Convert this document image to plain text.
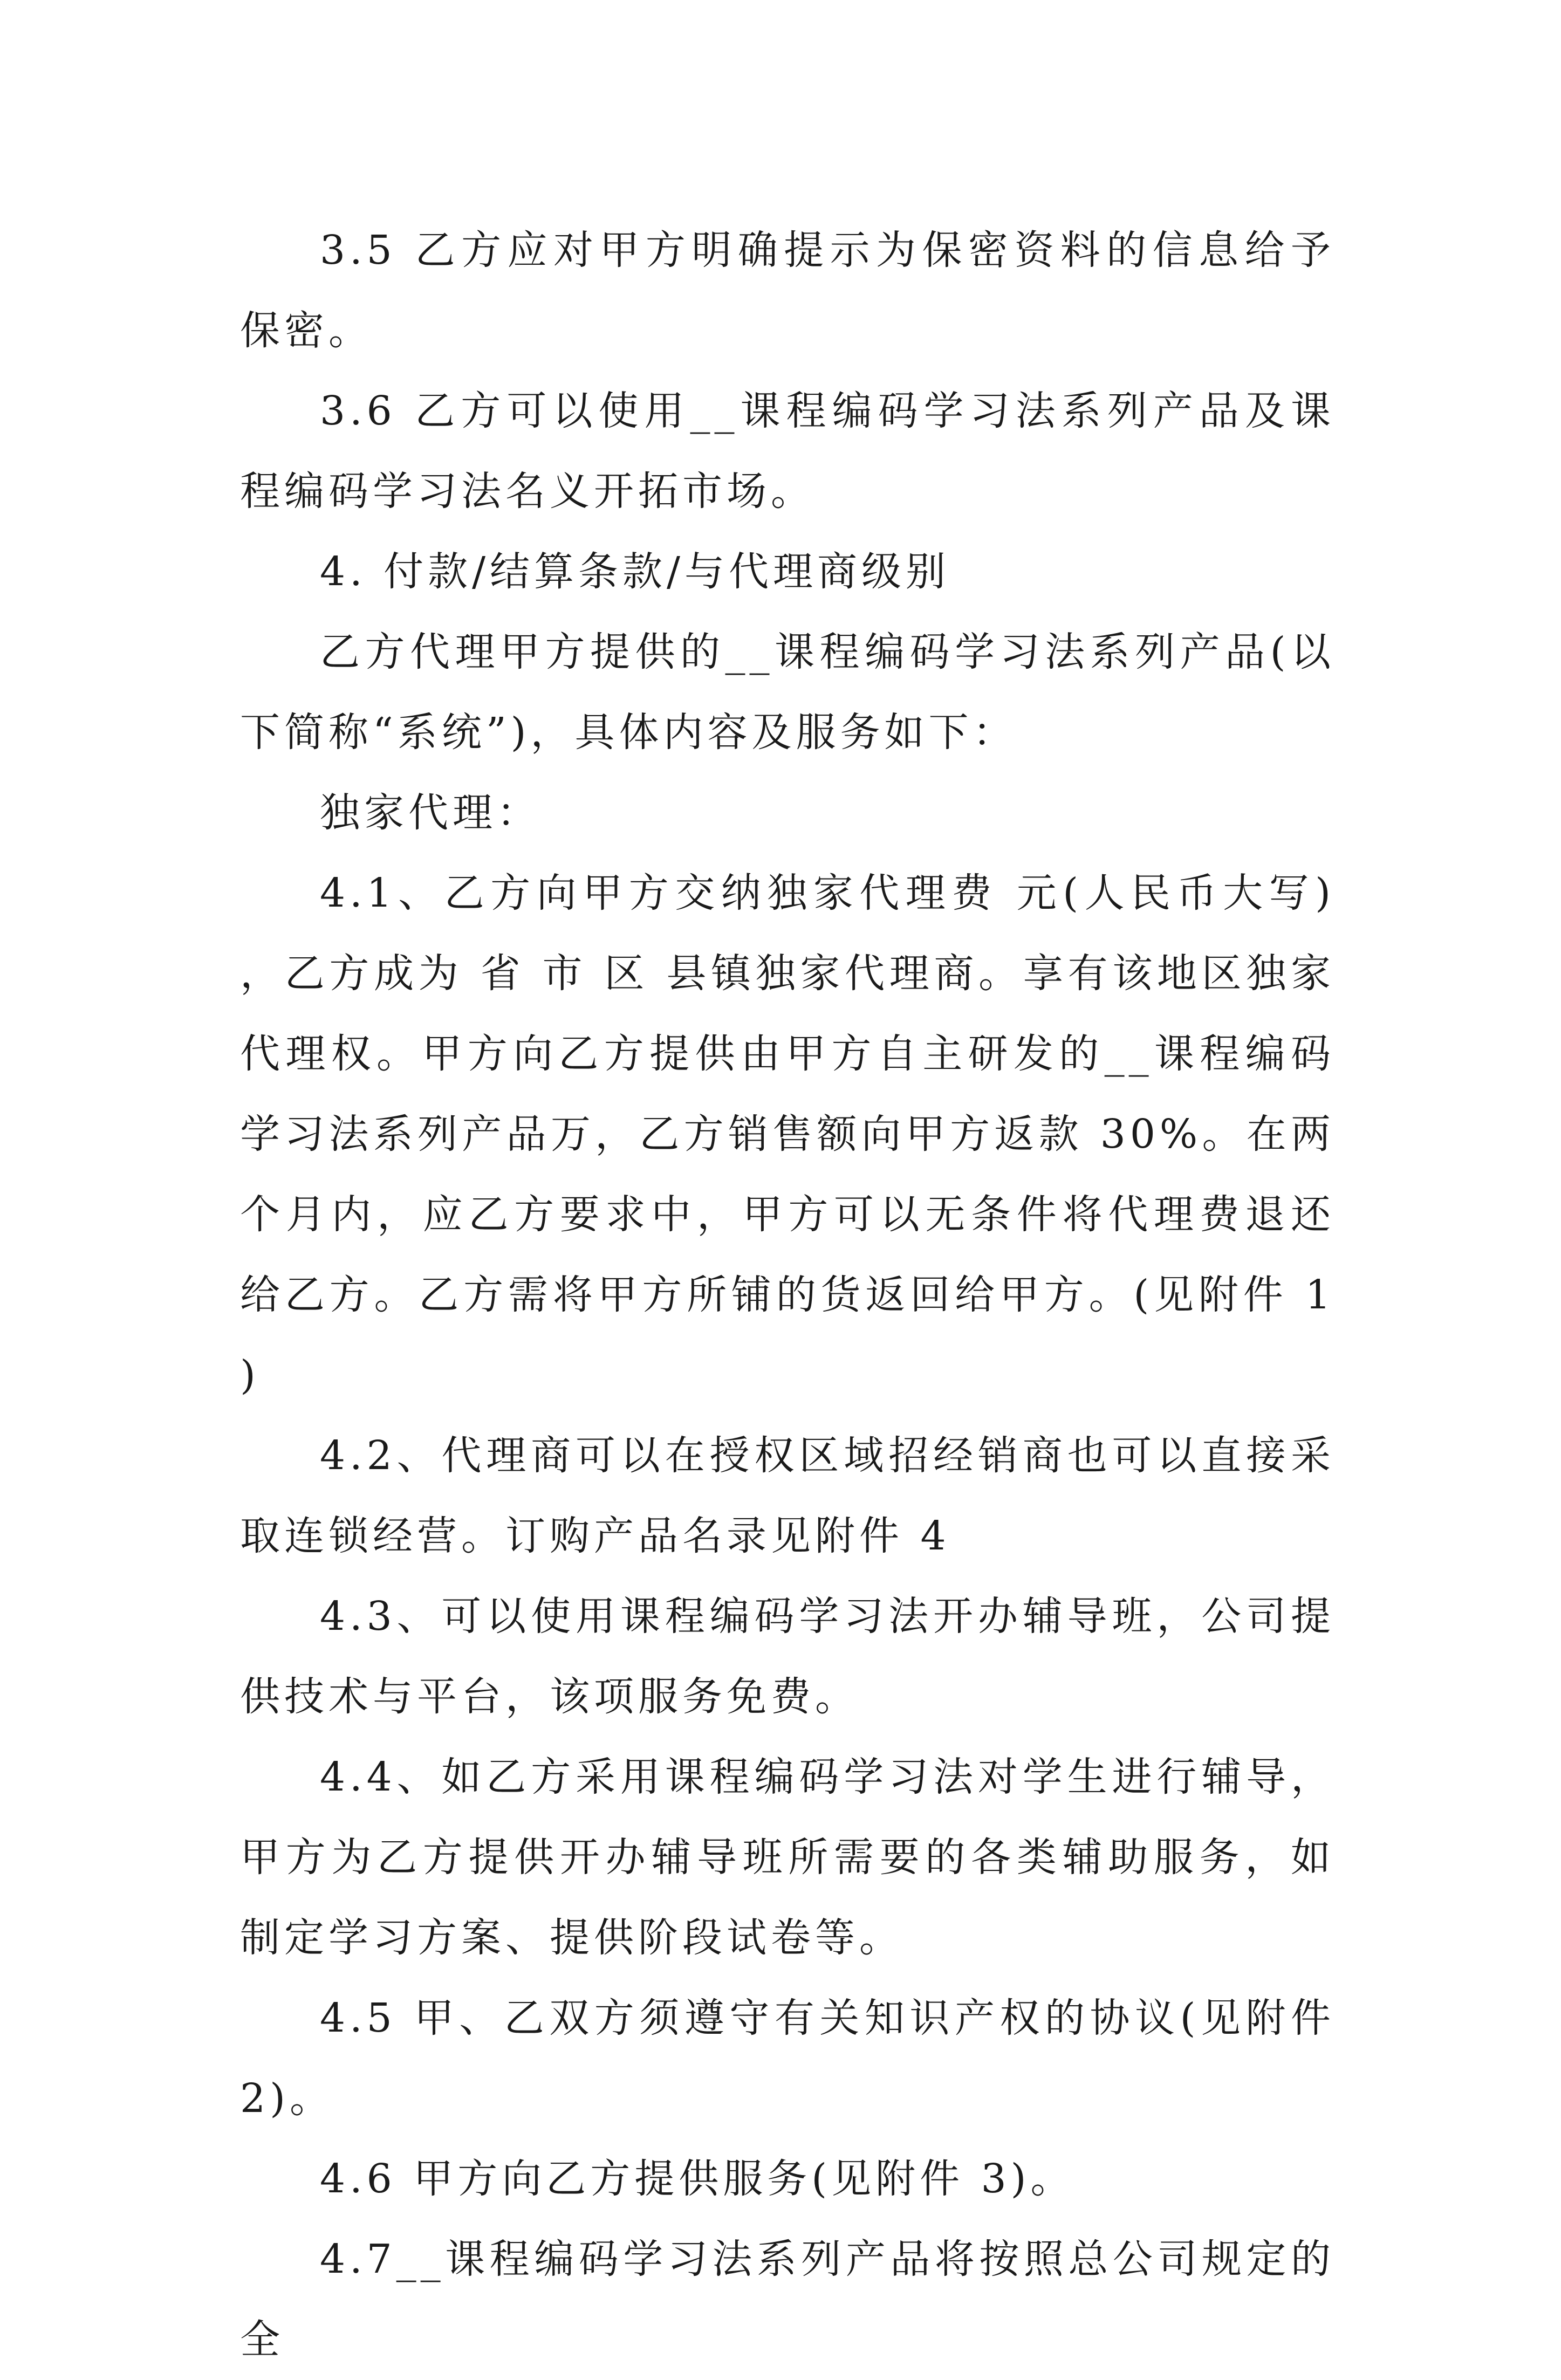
3.5 乙方应对甲方明确提示为保密资料的信息给予保密。

3.6 乙方可以使用__课程编码学习法系列产品及课程编码学习法名义开拓市场。

4. 付款/结算条款/与代理商级别

乙方代理甲方提供的__课程编码学习法系列产品(以下简称“系统”)，具体内容及服务如下：

独家代理：

4.1、乙方向甲方交纳独家代理费 元(人民币大写)，乙方成为 省 市 区 县镇独家代理商。享有该地区独家代理权。甲方向乙方提供由甲方自主研发的__课程编码学习法系列产品万，乙方销售额向甲方返款 30%。在两个月内，应乙方要求中，甲方可以无条件将代理费退还给乙方。乙方需将甲方所铺的货返回给甲方。(见附件 1)

4.2、代理商可以在授权区域招经销商也可以直接采取连锁经营。订购产品名录见附件 4

4.3、可以使用课程编码学习法开办辅导班，公司提供技术与平台，该项服务免费。

4.4、如乙方采用课程编码学习法对学生进行辅导，甲方为乙方提供开办辅导班所需要的各类辅助服务，如制定学习方案、提供阶段试卷等。

4.5 甲、乙双方须遵守有关知识产权的协议(见附件 2)。

4.6 甲方向乙方提供服务(见附件 3)。

4.7__课程编码学习法系列产品将按照总公司规定的全
